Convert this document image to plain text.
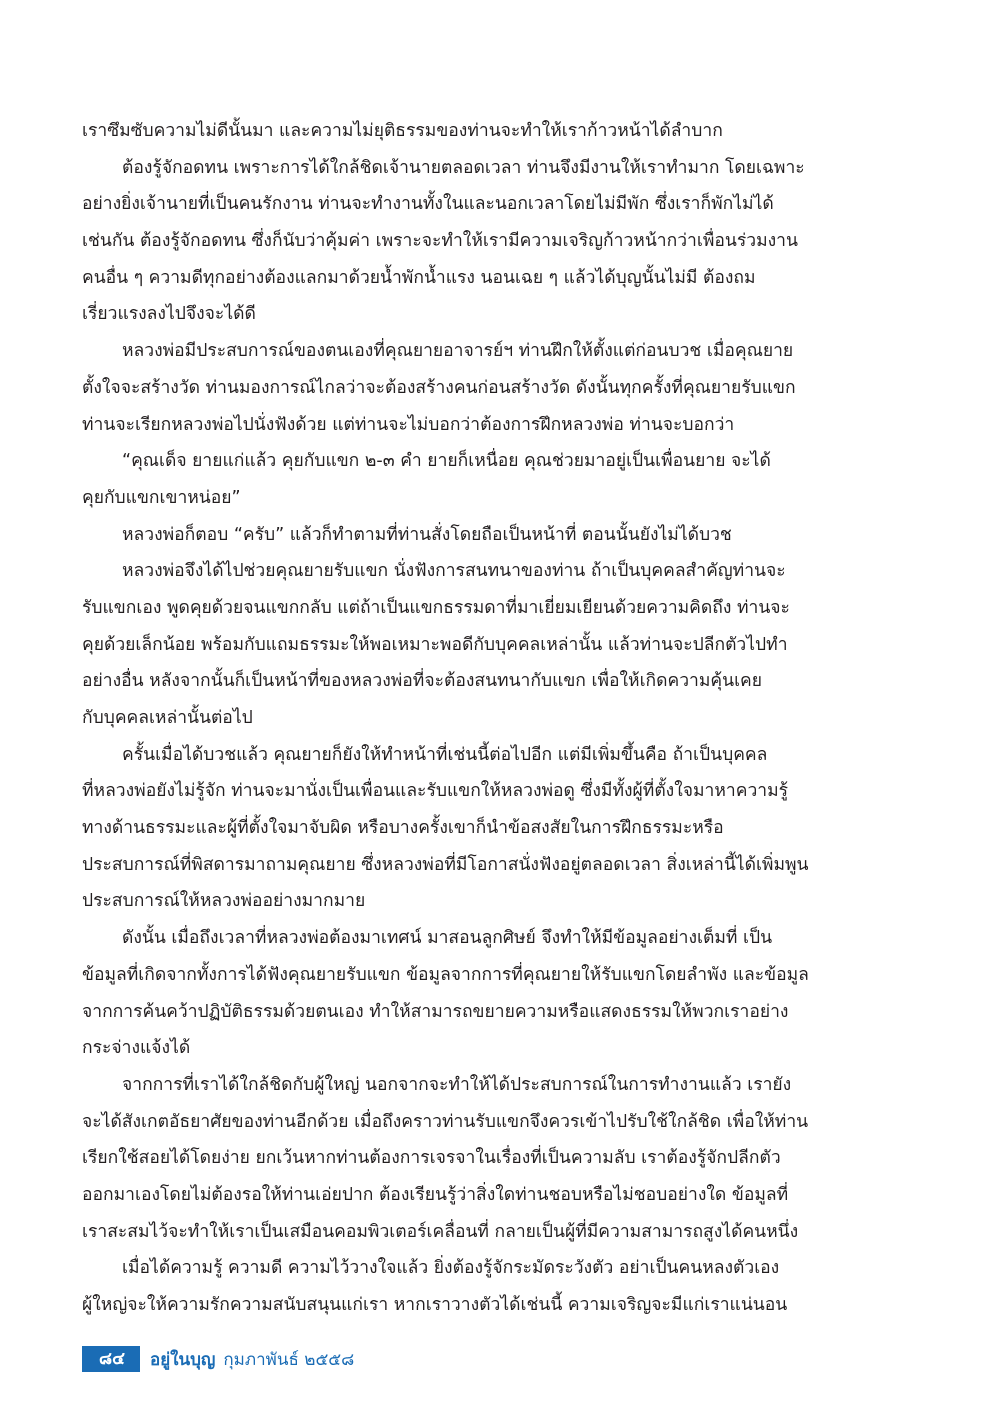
เราซึมซับความไม่ดีนั้นมา และความไม่ยุติธรรมของท่านจะทำให้เราก้าวหน้าได้ลำบาก
ต้องรู้จักอดทน เพราะการได้ใกล้ชิดเจ้านายตลอดเวลา ท่านจึงมีงานให้เราทำมาก โดยเฉพาะ
อย่างยิ่งเจ้านายที่เป็นคนรักงาน ท่านจะทำงานทั้งในและนอกเวลาโดยไม่มีพัก ซึ่งเราก็พักไม่ได้
เช่นกัน ต้องรู้จักอดทน ซึ่งก็นับว่าคุ้มค่า เพราะจะทำให้เรามีความเจริญก้าวหน้ากว่าเพื่อนร่วมงาน
คนอื่น ๆ ความดีทุกอย่างต้องแลกมาด้วยน้ำพักน้ำแรง นอนเฉย ๆ แล้วได้บุญนั้นไม่มี ต้องถม
เรี่ยวแรงลงไปจึงจะได้ดี
หลวงพ่อมีประสบการณ์ของตนเองที่คุณยายอาจารย์ฯ ท่านฝึกให้ตั้งแต่ก่อนบวช เมื่อคุณยาย
ตั้งใจจะสร้างวัด ท่านมองการณ์ไกลว่าจะต้องสร้างคนก่อนสร้างวัด ดังนั้นทุกครั้งที่คุณยายรับแขก
ท่านจะเรียกหลวงพ่อไปนั่งฟังด้วย แต่ท่านจะไม่บอกว่าต้องการฝึกหลวงพ่อ ท่านจะบอกว่า
“คุณเด็จ ยายแก่แล้ว คุยกับแขก ๒-๓ คำ ยายก็เหนื่อย คุณช่วยมาอยู่เป็นเพื่อนยาย จะได้
คุยกับแขกเขาหน่อย”
หลวงพ่อก็ตอบ “ครับ” แล้วก็ทำตามที่ท่านสั่งโดยถือเป็นหน้าที่ ตอนนั้นยังไม่ได้บวช
หลวงพ่อจึงได้ไปช่วยคุณยายรับแขก นั่งฟังการสนทนาของท่าน ถ้าเป็นบุคคลสำคัญท่านจะ
รับแขกเอง พูดคุยด้วยจนแขกกลับ แต่ถ้าเป็นแขกธรรมดาที่มาเยี่ยมเยียนด้วยความคิดถึง ท่านจะ
คุยด้วยเล็กน้อย พร้อมกับแถมธรรมะให้พอเหมาะพอดีกับบุคคลเหล่านั้น แล้วท่านจะปลีกตัวไปทำ
อย่างอื่น หลังจากนั้นก็เป็นหน้าที่ของหลวงพ่อที่จะต้องสนทนากับแขก เพื่อให้เกิดความคุ้นเคย
กับบุคคลเหล่านั้นต่อไป
ครั้นเมื่อได้บวชแล้ว คุณยายก็ยังให้ทำหน้าที่เช่นนี้ต่อไปอีก แต่มีเพิ่มขึ้นคือ ถ้าเป็นบุคคล
ที่หลวงพ่อยังไม่รู้จัก ท่านจะมานั่งเป็นเพื่อนและรับแขกให้หลวงพ่อดู ซึ่งมีทั้งผู้ที่ตั้งใจมาหาความรู้
ทางด้านธรรมะและผู้ที่ตั้งใจมาจับผิด หรือบางครั้งเขาก็นำข้อสงสัยในการฝึกธรรมะหรือ
ประสบการณ์ที่พิสดารมาถามคุณยาย ซึ่งหลวงพ่อที่มีโอกาสนั่งฟังอยู่ตลอดเวลา สิ่งเหล่านี้ได้เพิ่มพูน
ประสบการณ์ให้หลวงพ่ออย่างมากมาย
ดังนั้น เมื่อถึงเวลาที่หลวงพ่อต้องมาเทศน์ มาสอนลูกศิษย์ จึงทำให้มีข้อมูลอย่างเต็มที่ เป็น
ข้อมูลที่เกิดจากทั้งการได้ฟังคุณยายรับแขก ข้อมูลจากการที่คุณยายให้รับแขกโดยลำพัง และข้อมูล
จากการค้นคว้าปฏิบัติธรรมด้วยตนเอง ทำให้สามารถขยายความหรือแสดงธรรมให้พวกเราอย่าง
กระจ่างแจ้งได้
จากการที่เราได้ใกล้ชิดกับผู้ใหญ่ นอกจากจะทำให้ได้ประสบการณ์ในการทำงานแล้ว เรายัง
จะได้สังเกตอัธยาศัยของท่านอีกด้วย เมื่อถึงคราวท่านรับแขกจึงควรเข้าไปรับใช้ใกล้ชิด เพื่อให้ท่าน
เรียกใช้สอยได้โดยง่าย ยกเว้นหากท่านต้องการเจรจาในเรื่องที่เป็นความลับ เราต้องรู้จักปลีกตัว
ออกมาเองโดยไม่ต้องรอให้ท่านเอ่ยปาก ต้องเรียนรู้ว่าสิ่งใดท่านชอบหรือไม่ชอบอย่างใด ข้อมูลที่
เราสะสมไว้จะทำให้เราเป็นเสมือนคอมพิวเตอร์เคลื่อนที่ กลายเป็นผู้ที่มีความสามารถสูงได้คนหนึ่ง
เมื่อได้ความรู้ ความดี ความไว้วางใจแล้ว ยิ่งต้องรู้จักระมัดระวังตัว อย่าเป็นคนหลงตัวเอง
ผู้ใหญ่จะให้ความรักความสนับสนุนแก่เรา หากเราวางตัวได้เช่นนี้ ความเจริญจะมีแก่เราแน่นอน
๘๔	อยู่ในบุญ กุมภาพันธ์ ๒๕๕๘
